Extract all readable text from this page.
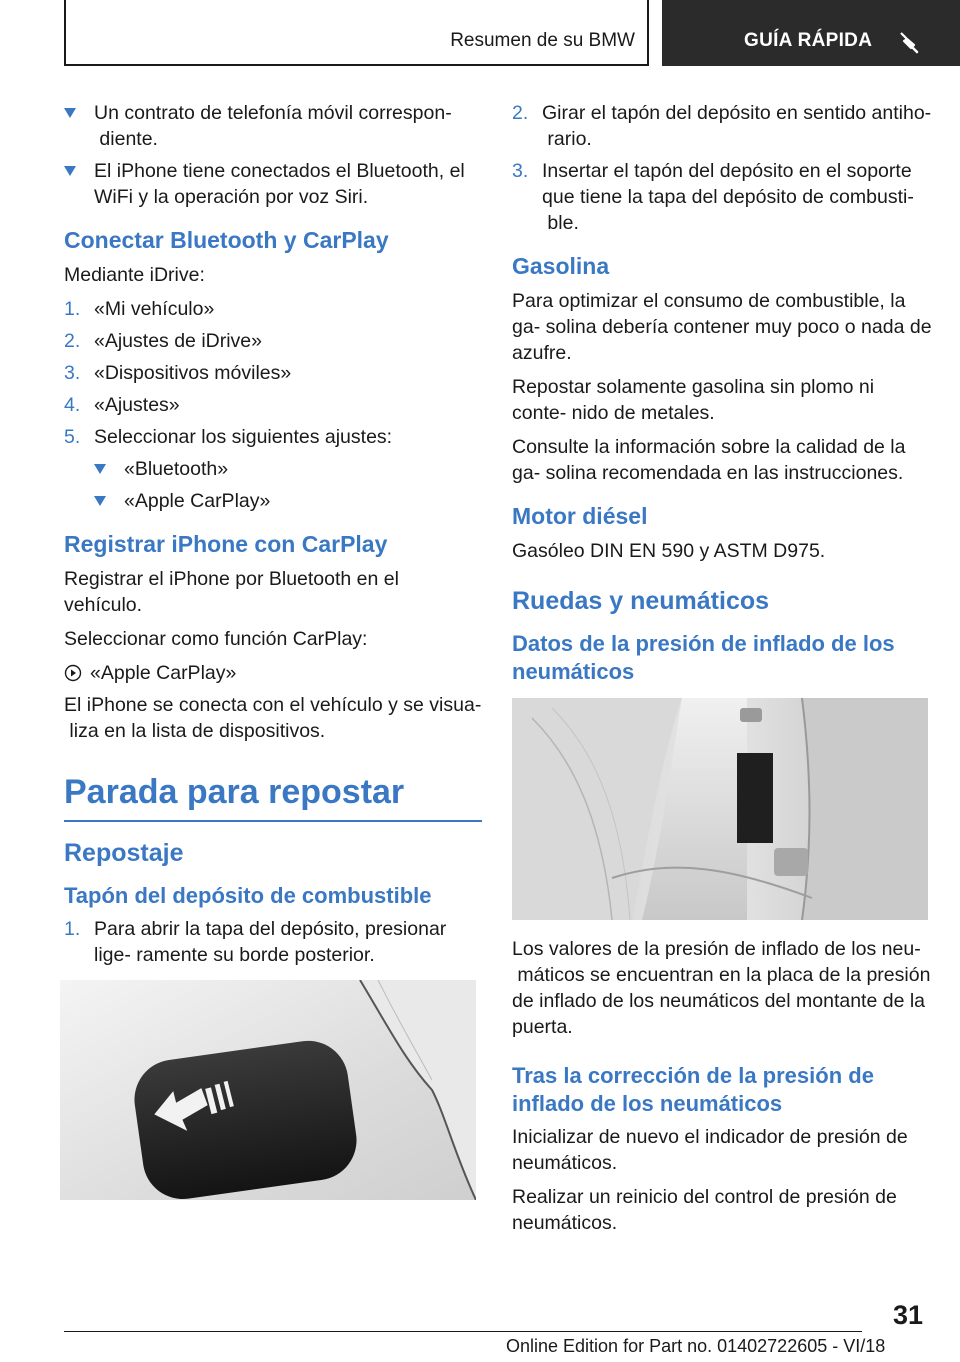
Resumen de su BMW	GUÍA RÁPIDA
Un contrato de telefonía móvil correspon- diente.
El iPhone tiene conectados el Bluetooth, el WiFi y la operación por voz Siri.
Conectar Bluetooth y CarPlay
Mediante iDrive:
1. «Mi vehículo»
2. «Ajustes de iDrive»
3. «Dispositivos móviles»
4. «Ajustes»
5. Seleccionar los siguientes ajustes:
«Bluetooth»
«Apple CarPlay»
Registrar iPhone con CarPlay
Registrar el iPhone por Bluetooth en el vehículo.
Seleccionar como función CarPlay:
«Apple CarPlay»
El iPhone se conecta con el vehículo y se visua- liza en la lista de dispositivos.
Parada para repostar
Repostaje
Tapón del depósito de combustible
1. Para abrir la tapa del depósito, presionar lige- ramente su borde posterior.
2. Girar el tapón del depósito en sentido antiho- rario.
3. Insertar el tapón del depósito en el soporte que tiene la tapa del depósito de combusti- ble.
Gasolina
Para optimizar el consumo de combustible, la ga- solina debería contener muy poco o nada de azufre.
Repostar solamente gasolina sin plomo ni conte- nido de metales.
Consulte la información sobre la calidad de la ga- solina recomendada en las instrucciones.
Motor diésel
Gasóleo DIN EN 590 y ASTM D975.
Ruedas y neumáticos
Datos de la presión de inflado de los neumáticos
Los valores de la presión de inflado de los neu- máticos se encuentran en la placa de la presión de inflado de los neumáticos del montante de la puerta.
Tras la corrección de la presión de inflado de los neumáticos
Inicializar de nuevo el indicador de presión de neumáticos.
Realizar un reinicio del control de presión de neumáticos.
31
Online Edition for Part no. 01402722605 - VI/18
